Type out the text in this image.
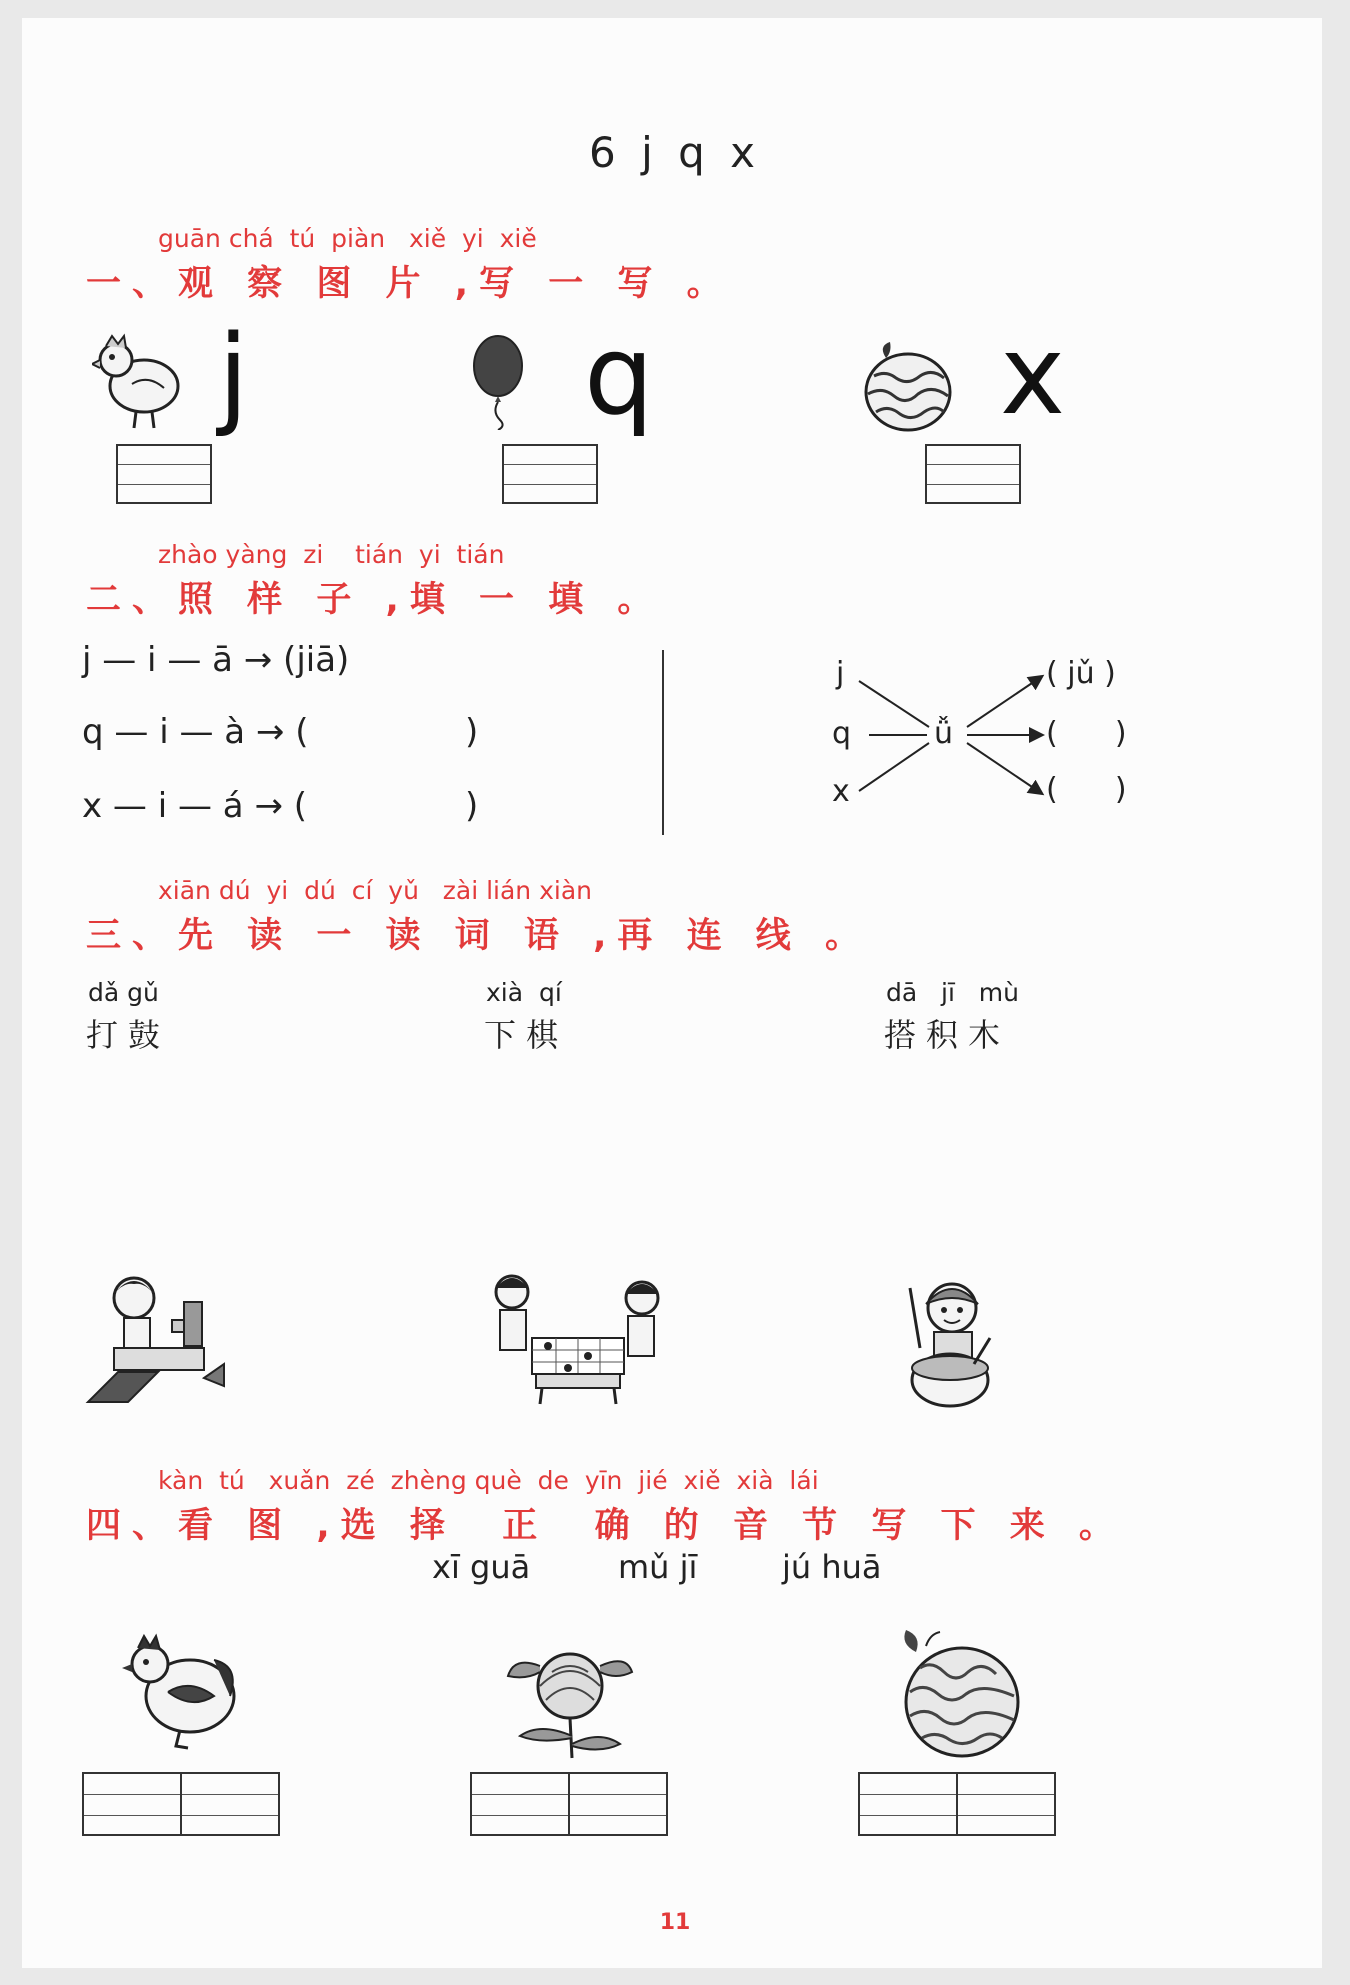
6 j q x
guān chá  tú  piàn   xiě  yi  xiě
一、观 察 图 片 ,写 一 写 。
j	q	x
zhào yàng  zi    tián  yi  tián
二、照 样 子 ,填 一 填 。
j — i — ā → (jiā)
q — i — à → (	)
x — i — á → (	)
j
q
x
ǚ
( jǔ )
(      )
(      )
xiān dú  yi  dú  cí  yǔ   zài lián xiàn
三、先 读 一 读 词 语 ,再 连 线 。
dǎ gǔ
打鼓
xià  qí
下棋
dā   jī   mù
搭积木
kàn  tú   xuǎn  zé  zhèng què  de  yīn  jié  xiě  xià  lái
四、看 图 ,选 择  正  确 的 音 节 写 下 来 。
xī guā	mǔ jī	jú huā
11
